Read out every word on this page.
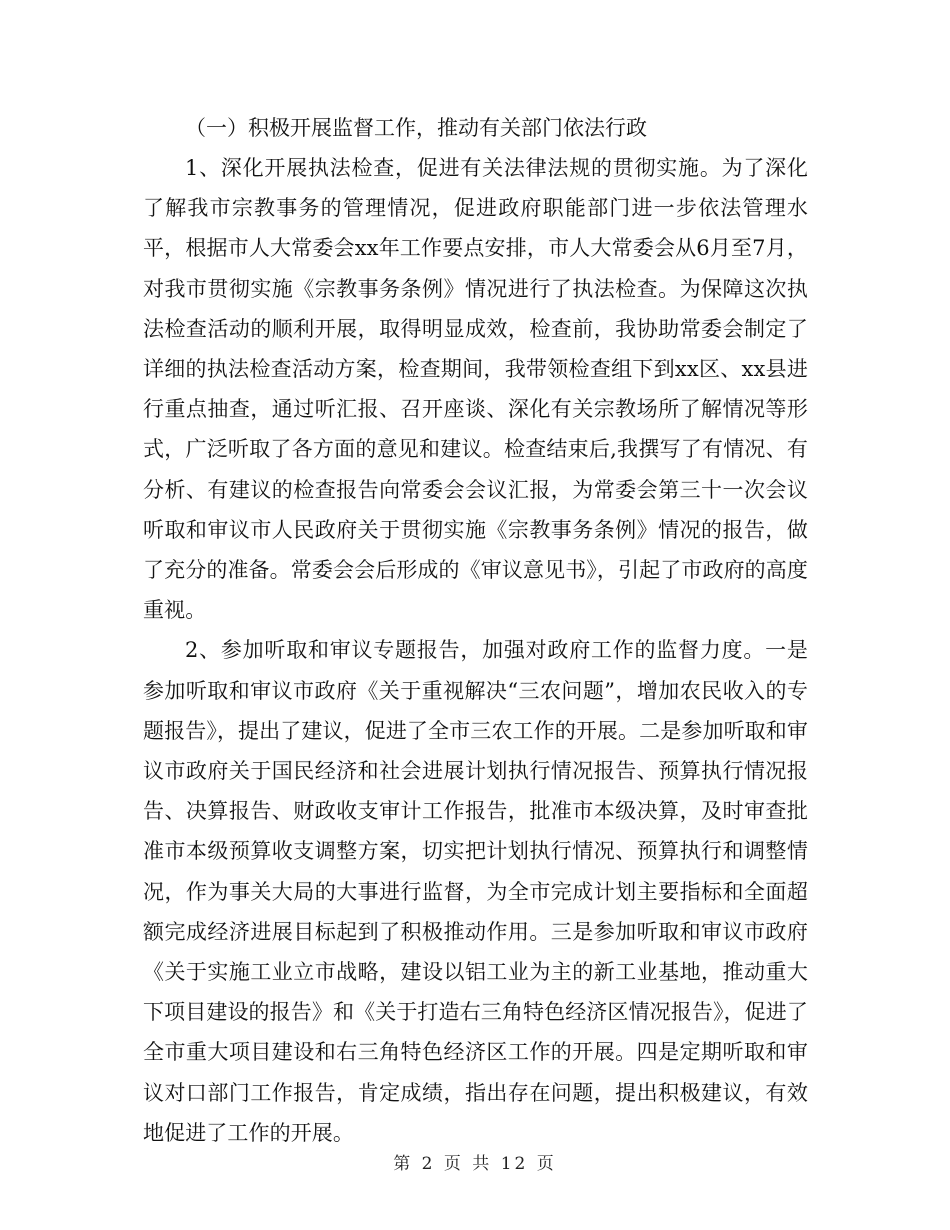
（一）积极开展监督工作，推动有关部门依法行政

1、深化开展执法检查，促进有关法律法规的贯彻实施。为了深化了解我市宗教事务的管理情况，促进政府职能部门进一步依法管理水平，根据市人大常委会xx年工作要点安排，市人大常委会从6月至7月，对我市贯彻实施《宗教事务条例》情况进行了执法检查。为保障这次执法检查活动的顺利开展，取得明显成效，检查前，我协助常委会制定了详细的执法检查活动方案，检查期间，我带领检查组下到xx区、xx县进行重点抽查，通过听汇报、召开座谈、深化有关宗教场所了解情况等形式，广泛听取了各方面的意见和建议。检查结束后,我撰写了有情况、有分析、有建议的检查报告向常委会会议汇报，为常委会第三十一次会议听取和审议市人民政府关于贯彻实施《宗教事务条例》情况的报告，做了充分的准备。常委会会后形成的《审议意见书》，引起了市政府的高度重视。

2、参加听取和审议专题报告，加强对政府工作的监督力度。一是参加听取和审议市政府《关于重视解决“三农问题”，增加农民收入的专题报告》，提出了建议，促进了全市三农工作的开展。二是参加听取和审议市政府关于国民经济和社会进展计划执行情况报告、预算执行情况报告、决算报告、财政收支审计工作报告，批准市本级决算，及时审查批准市本级预算收支调整方案，切实把计划执行情况、预算执行和调整情况，作为事关大局的大事进行监督，为全市完成计划主要指标和全面超额完成经济进展目标起到了积极推动作用。三是参加听取和审议市政府《关于实施工业立市战略，建设以铝工业为主的新工业基地，推动重大下项目建设的报告》和《关于打造右三角特色经济区情况报告》，促进了全市重大项目建设和右三角特色经济区工作的开展。四是定期听取和审议对口部门工作报告，肯定成绩，指出存在问题，提出积极建议，有效地促进了工作的开展。

第 2 页 共 12 页
